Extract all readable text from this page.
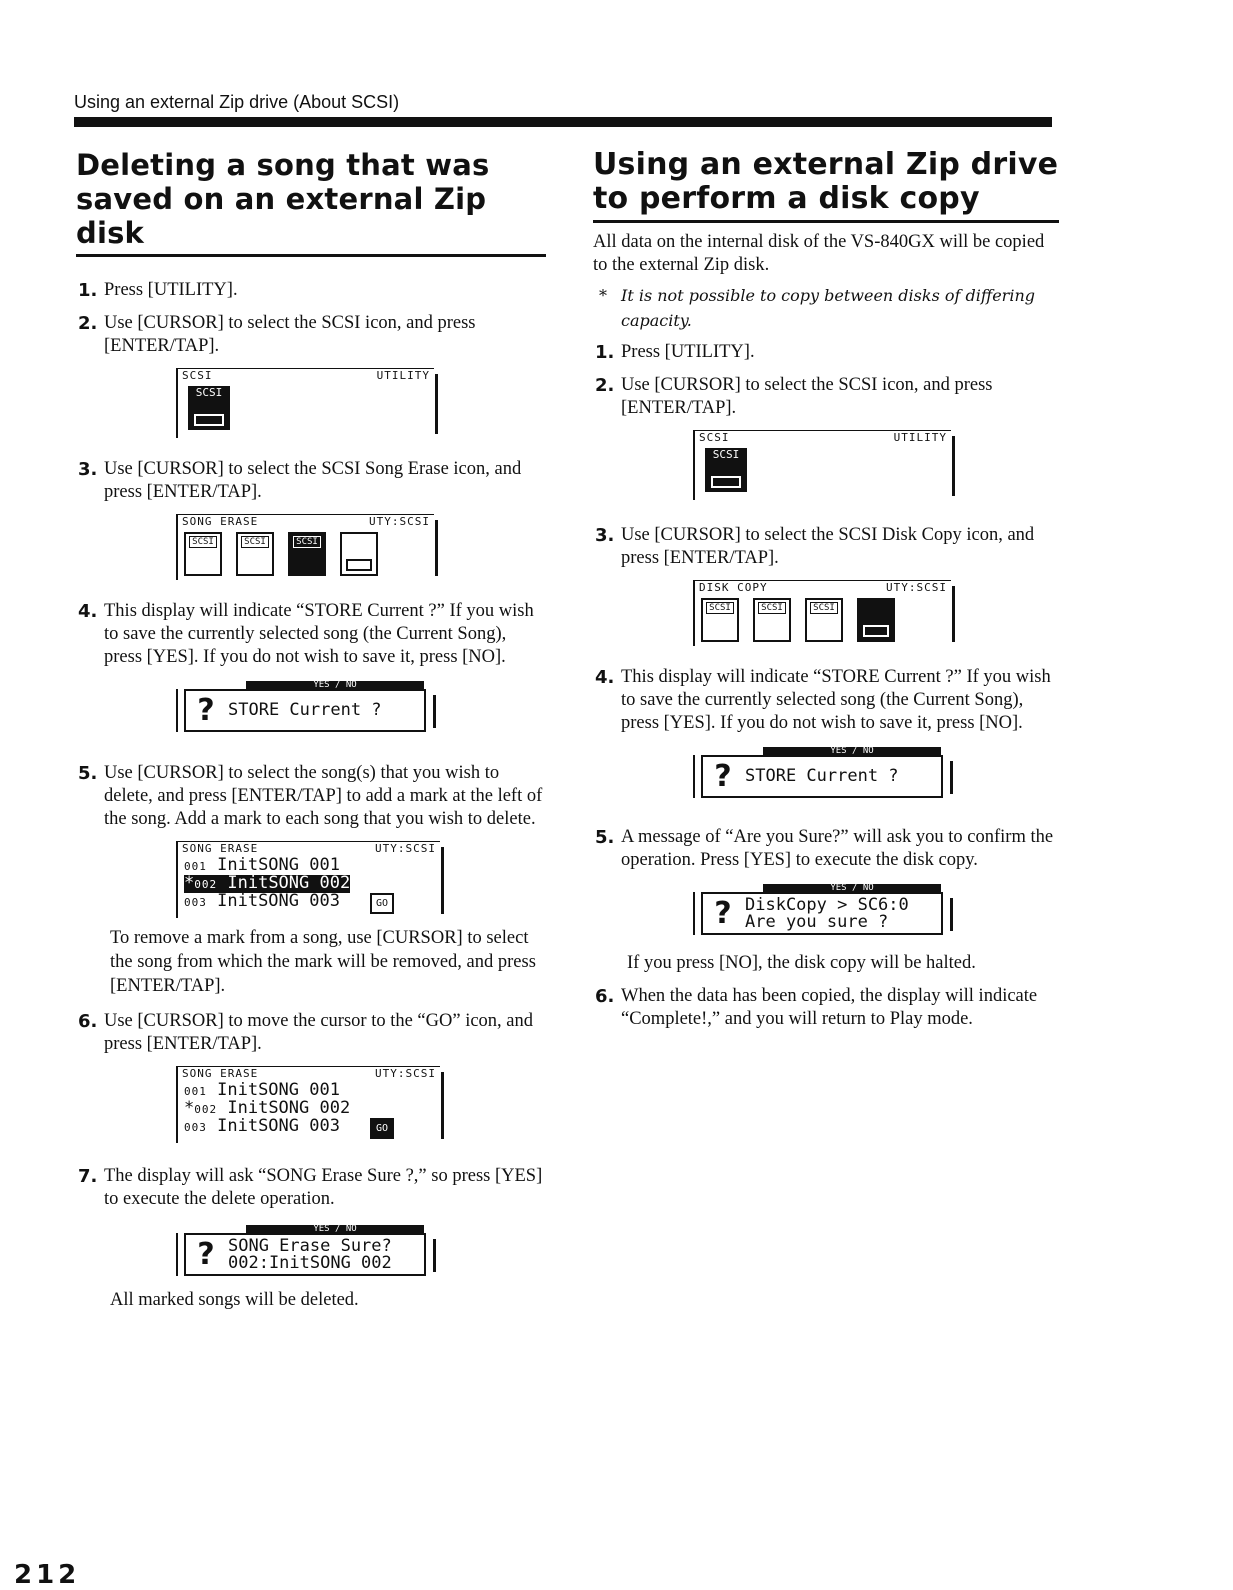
Using an external Zip drive (About SCSI)
Deleting a song that was saved on an external Zip disk
1. Press [UTILITY].
2. Use [CURSOR] to select the SCSI icon, and press [ENTER/TAP].
SCSI	UTILITY
SCSI
3. Use [CURSOR] to select the SCSI Song Erase icon, and press [ENTER/TAP].
SONG ERASE	UTY:SCSI
SCSI	SCSI	SCSI
4. This display will indicate “STORE Current ?” If you wish to save the currently selected song (the Current Song), press [YES]. If you do not wish to save it, press [NO].
YES / NO
? STORE Current ?
5. Use [CURSOR] to select the song(s) that you wish to delete, and press [ENTER/TAP] to add a mark at the left of the song. Add a mark to each song that you wish to delete.
SONG ERASE	UTY:SCSI
001 InitSONG 001
*002 InitSONG 002
003 InitSONG 003	GO
To remove a mark from a song, use [CURSOR] to select the song from which the mark will be removed, and press [ENTER/TAP].
6. Use [CURSOR] to move the cursor to the “GO” icon, and press [ENTER/TAP].
SONG ERASE	UTY:SCSI
001 InitSONG 001
*002 InitSONG 002
003 InitSONG 003	GO
7. The display will ask “SONG Erase Sure ?,” so press [YES] to execute the delete operation.
YES / NO
? SONG Erase Sure?
002:InitSONG 002
All marked songs will be deleted.
Using an external Zip drive to perform a disk copy

All data on the internal disk of the VS-840GX will be copied to the external Zip disk.

* It is not possible to copy between disks of differing capacity.
1. Press [UTILITY].
2. Use [CURSOR] to select the SCSI icon, and press [ENTER/TAP].
SCSI	UTILITY
SCSI
3. Use [CURSOR] to select the SCSI Disk Copy icon, and press [ENTER/TAP].
DISK COPY	UTY:SCSI
SCSI	SCSI	SCSI
4. This display will indicate “STORE Current ?” If you wish to save the currently selected song (the Current Song), press [YES]. If you do not wish to save it, press [NO].
YES / NO
? STORE Current ?
5. A message of “Are you Sure?” will ask you to confirm the operation. Press [YES] to execute the disk copy.
YES / NO
? DiskCopy > SC6:0
Are you sure ?
If you press [NO], the disk copy will be halted.
6. When the data has been copied, the display will indicate “Complete!,” and you will return to Play mode.
212
